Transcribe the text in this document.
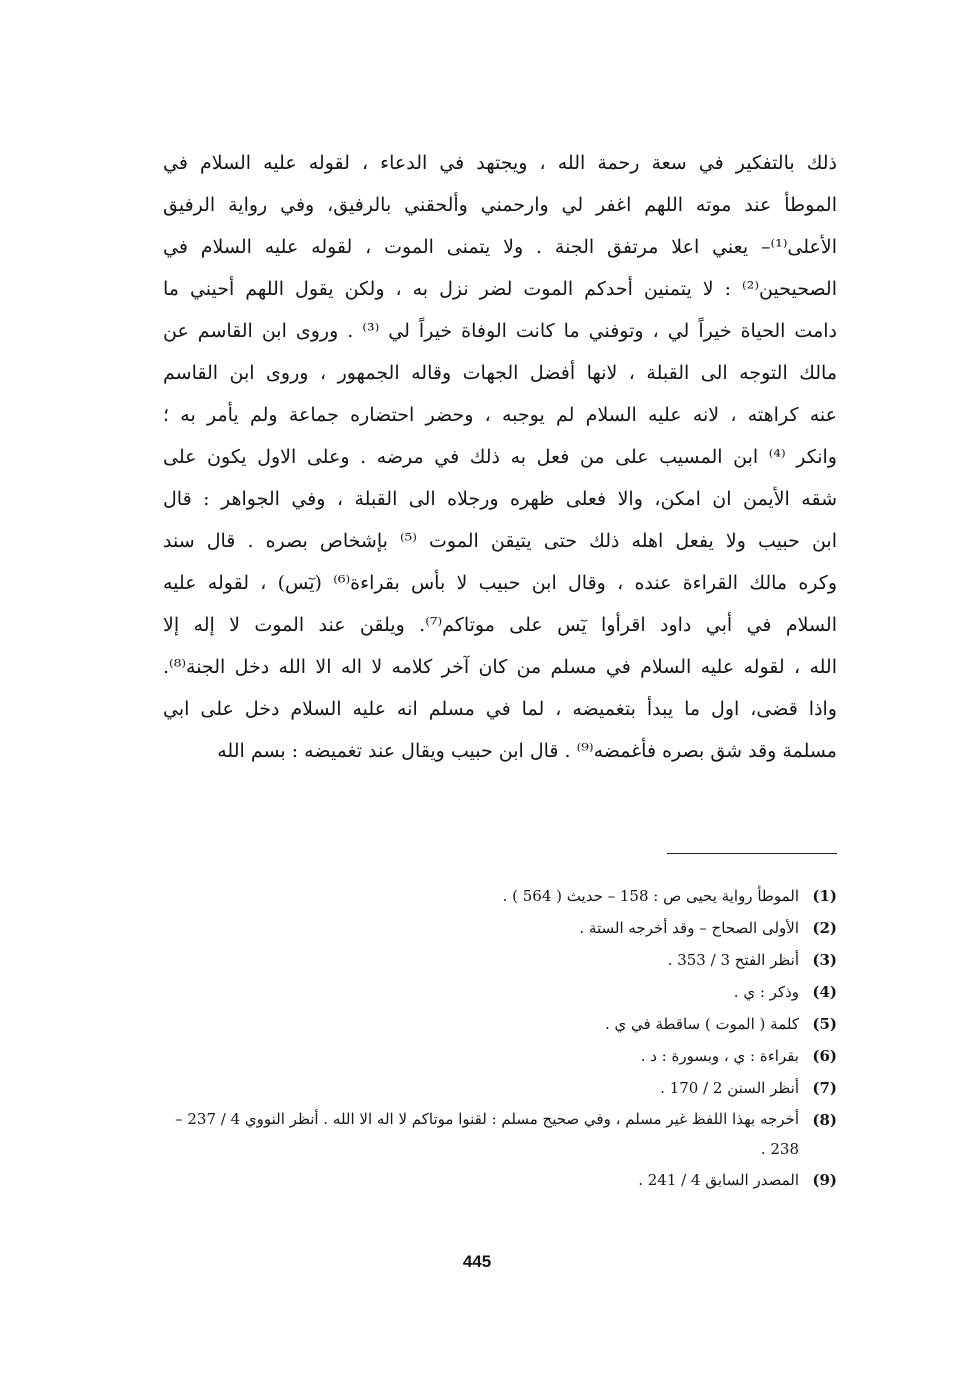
ذلك بالتفكير في سعة رحمة الله ، ويجتهد في الدعاء ، لقوله عليه السلام في
الموطأ عند موته اللهم اغفر لي وارحمني وألحقني بالرفيق، وفي رواية الرفيق
الأعلى⁽¹⁾– يعني اعلا مرتفق الجنة . ولا يتمنى الموت ، لقوله عليه السلام في
الصحيحين⁽²⁾ : لا يتمنين أحدكم الموت لضر نزل به ، ولكن يقول اللهم أحيني ما
دامت الحياة خيراً لي ، وتوفني ما كانت الوفاة خيراً لي ⁽³⁾ . وروى ابن القاسم عن
مالك التوجه الى القبلة ، لانها أفضل الجهات وقاله الجمهور ، وروى ابن القاسم
عنه كراهته ، لانه عليه السلام لم يوجبه ، وحضر احتضاره جماعة ولم يأمر به ؛
وانكر ⁽⁴⁾ ابن المسيب على من فعل به ذلك في مرضه . وعلى الاول يكون على
شقه الأيمن ان امكن، والا فعلى ظهره ورجلاه الى القبلة ، وفي الجواهر : قال
ابن حبيب ولا يفعل اهله ذلك حتى يتيقن الموت ⁽⁵⁾ بإشخاص بصره . قال سند
وكره مالك القراءة عنده ، وقال ابن حبيب لا بأس بقراءة⁽⁶⁾ (يٓس) ، لقوله عليه
السلام في أبي داود اقرأوا يٓس على موتاكم⁽⁷⁾. ويلقن عند الموت لا إله إلا
الله ، لقوله عليه السلام في مسلم من كان آخر كلامه لا اله الا الله دخل الجنة⁽⁸⁾.
واذا قضى، اول ما يبدأ بتغميضه ، لما في مسلم انه عليه السلام دخل على ابي
مسلمة وقد شق بصره فأغمضه⁽⁹⁾ . قال ابن حبيب ويقال عند تغميضه : بسم الله
(1)
الموطأ رواية يحيى ص : 158 – حديث ( 564 ) .
(2)
الأولى الصحاح – وقد أخرجه الستة .
(3)
أنظر الفتح 3 / 353 .
(4)
وذكر : ي .
(5)
كلمة ( الموت ) ساقطة في ي .
(6)
بقراءة : ي ، وبسورة : د .
(7)
أنظر السنن 2 / 170 .
(8)
أخرجه بهذا اللفظ غير مسلم ، وفي صحيح مسلم : لقنوا موتاكم لا اله الا الله . أنظر النووي 4 / 237 – 238 .
(9)
المصدر السابق 4 / 241 .
445
